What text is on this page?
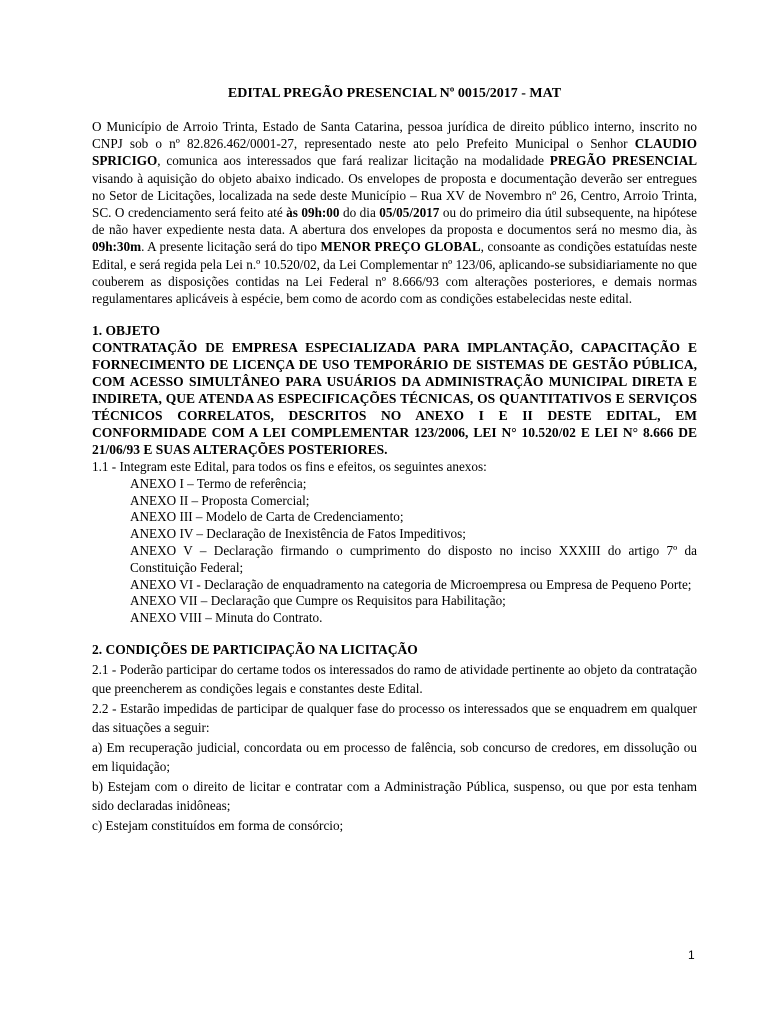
EDITAL PREGÃO PRESENCIAL Nº 0015/2017 - MAT

O Município de Arroio Trinta, Estado de Santa Catarina, pessoa jurídica de direito público interno, inscrito no CNPJ sob o nº 82.826.462/0001-27, representado neste ato pelo Prefeito Municipal o Senhor CLAUDIO SPRICIGO, comunica aos interessados que fará realizar licitação na modalidade PREGÃO PRESENCIAL visando à aquisição do objeto abaixo indicado. Os envelopes de proposta e documentação deverão ser entregues no Setor de Licitações, localizada na sede deste Município – Rua XV de Novembro nº 26, Centro, Arroio Trinta, SC. O credenciamento será feito até às 09h:00 do dia 05/05/2017 ou do primeiro dia útil subsequente, na hipótese de não haver expediente nesta data. A abertura dos envelopes da proposta e documentos será no mesmo dia, às 09h:30m. A presente licitação será do tipo MENOR PREÇO GLOBAL, consoante as condições estatuídas neste Edital, e será regida pela Lei n.º 10.520/02, da Lei Complementar nº 123/06, aplicando-se subsidiariamente no que couberem as disposições contidas na Lei Federal nº 8.666/93 com alterações posteriores, e demais normas regulamentares aplicáveis à espécie, bem como de acordo com as condições estabelecidas neste edital.

1. OBJETO

CONTRATAÇÃO DE EMPRESA ESPECIALIZADA PARA IMPLANTAÇÃO, CAPACITAÇÃO E FORNECIMENTO DE LICENÇA DE USO TEMPORÁRIO DE SISTEMAS DE GESTÃO PÚBLICA, COM ACESSO SIMULTÂNEO PARA USUÁRIOS DA ADMINISTRAÇÃO MUNICIPAL DIRETA E INDIRETA, QUE ATENDA AS ESPECIFICAÇÕES TÉCNICAS, OS QUANTITATIVOS E SERVIÇOS TÉCNICOS CORRELATOS, DESCRITOS NO ANEXO I E II DESTE EDITAL, EM CONFORMIDADE COM A LEI COMPLEMENTAR 123/2006, LEI N° 10.520/02 E LEI N° 8.666 DE 21/06/93 E SUAS ALTERAÇÕES POSTERIORES.

1.1 - Integram este Edital, para todos os fins e efeitos, os seguintes anexos:

ANEXO I – Termo de referência;
ANEXO II – Proposta Comercial;
ANEXO III – Modelo de Carta de Credenciamento;
ANEXO IV – Declaração de Inexistência de Fatos Impeditivos;
ANEXO V – Declaração firmando o cumprimento do disposto no inciso XXXIII do artigo 7º da Constituição Federal;
ANEXO VI - Declaração de enquadramento na categoria de Microempresa ou Empresa de Pequeno Porte;
ANEXO VII – Declaração que Cumpre os Requisitos para Habilitação;
ANEXO VIII – Minuta do Contrato.
2. CONDIÇÕES DE PARTICIPAÇÃO NA LICITAÇÃO

2.1 - Poderão participar do certame todos os interessados do ramo de atividade pertinente ao objeto da contratação que preencherem as condições legais e constantes deste Edital.

2.2 - Estarão impedidas de participar de qualquer fase do processo os interessados que se enquadrem em qualquer das situações a seguir:

a) Em recuperação judicial, concordata ou em processo de falência, sob concurso de credores, em dissolução ou em liquidação;

b) Estejam com o direito de licitar e contratar com a Administração Pública, suspenso, ou que por esta tenham sido declaradas inidôneas;

c) Estejam constituídos em forma de consórcio;

1
